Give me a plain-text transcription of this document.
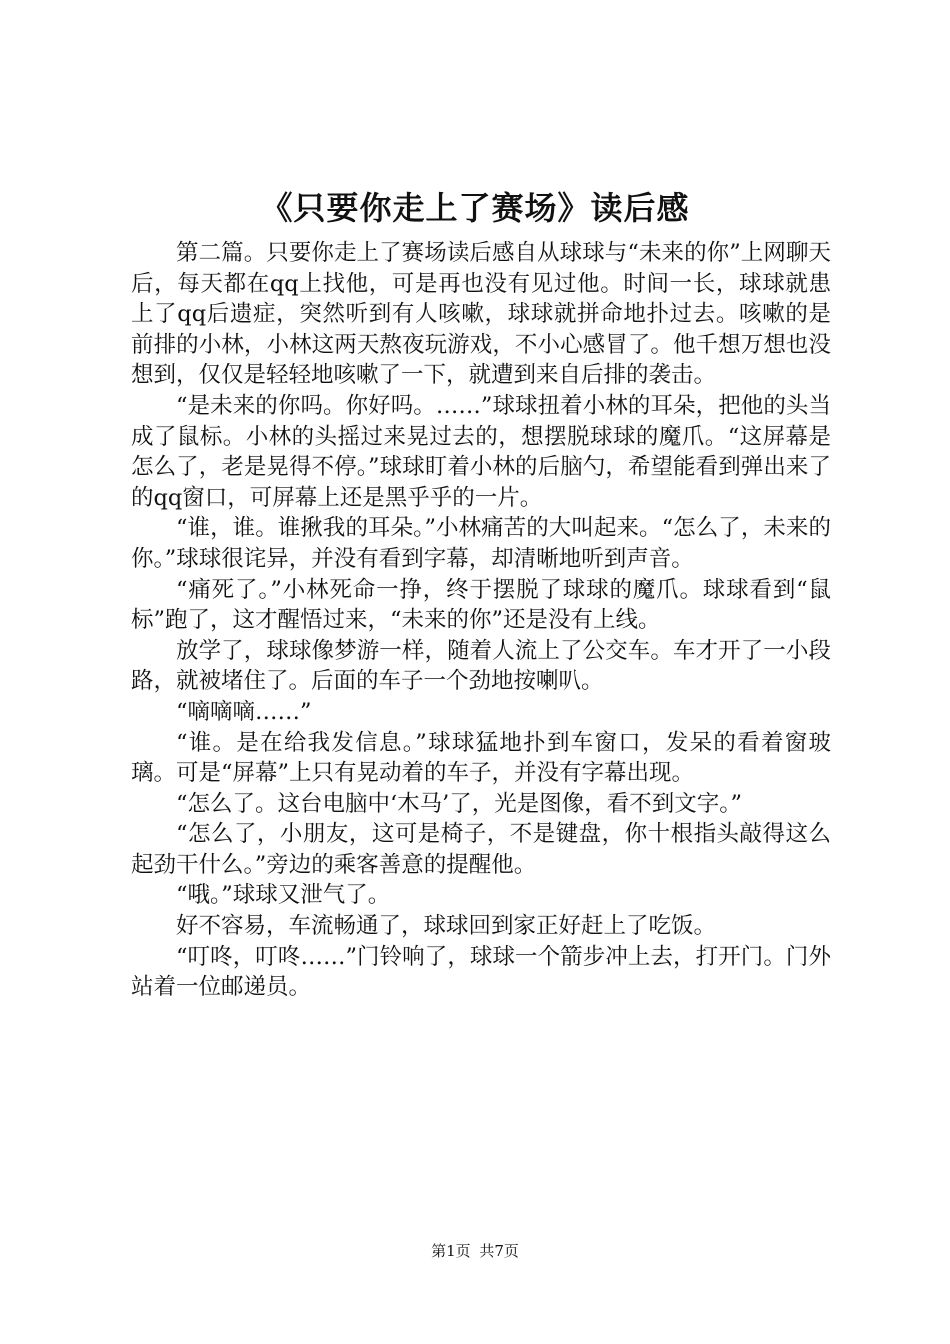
《只要你走上了赛场》读后感

第二篇。只要你走上了赛场读后感自从球球与“未来的你”上网聊天后，每天都在qq上找他，可是再也没有见过他。时间一长，球球就患上了qq后遗症，突然听到有人咳嗽，球球就拼命地扑过去。咳嗽的是前排的小林，小林这两天熬夜玩游戏，不小心感冒了。他千想万想也没想到，仅仅是轻轻地咳嗽了一下，就遭到来自后排的袭击。

“是未来的你吗。你好吗。……”球球扭着小林的耳朵，把他的头当成了鼠标。小林的头摇过来晃过去的，想摆脱球球的魔爪。“这屏幕是怎么了，老是晃得不停。”球球盯着小林的后脑勺，希望能看到弹出来了的qq窗口，可屏幕上还是黑乎乎的一片。

“谁，谁。谁揪我的耳朵。”小林痛苦的大叫起来。“怎么了，未来的你。”球球很诧异，并没有看到字幕，却清晰地听到声音。

“痛死了。”小林死命一挣，终于摆脱了球球的魔爪。球球看到“鼠标”跑了，这才醒悟过来，“未来的你”还是没有上线。

放学了，球球像梦游一样，随着人流上了公交车。车才开了一小段路，就被堵住了。后面的车子一个劲地按喇叭。

“嘀嘀嘀……”

“谁。是在给我发信息。”球球猛地扑到车窗口，发呆的看着窗玻璃。可是“屏幕”上只有晃动着的车子，并没有字幕出现。

“怎么了。这台电脑中‘木马’了，光是图像，看不到文字。”

“怎么了，小朋友，这可是椅子，不是键盘，你十根指头敲得这么起劲干什么。”旁边的乘客善意的提醒他。

“哦。”球球又泄气了。

好不容易，车流畅通了，球球回到家正好赶上了吃饭。

“叮咚，叮咚……”门铃响了，球球一个箭步冲上去，打开门。门外站着一位邮递员。

第1页 共7页
